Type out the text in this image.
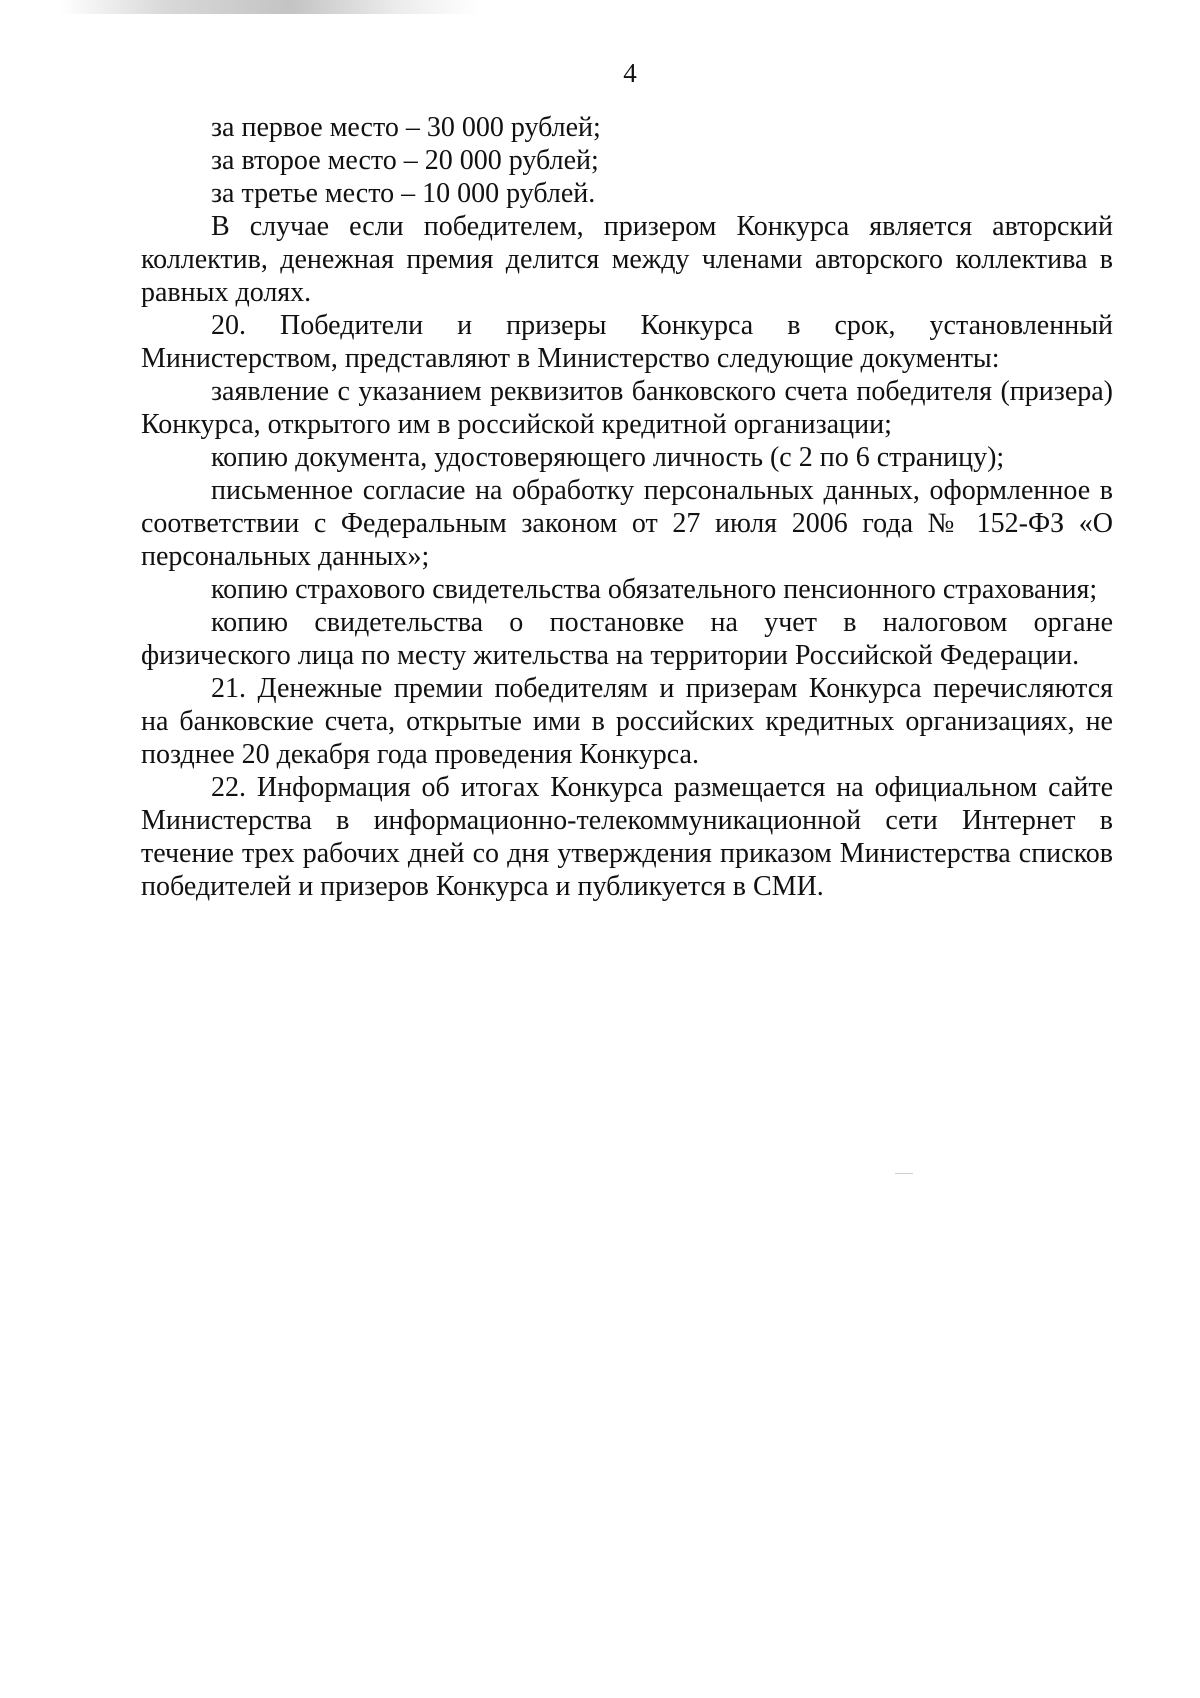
4

за первое место – 30 000 рублей;

за второе место – 20 000 рублей;

за третье место – 10 000 рублей.

В случае если победителем, призером Конкурса является авторский коллектив, денежная премия делится между членами авторского коллектива в равных долях.

20. Победители и призеры Конкурса в срок, установленный Министерством, представляют в Министерство следующие документы:

заявление с указанием реквизитов банковского счета победителя (призера) Конкурса, открытого им в российской кредитной организации;

копию документа, удостоверяющего личность (с 2 по 6 страницу);

письменное согласие на обработку персональных данных, оформленное в соответствии с Федеральным законом от 27 июля 2006 года № 152-ФЗ «О персональных данных»;

копию страхового свидетельства обязательного пенсионного страхования;

копию свидетельства о постановке на учет в налоговом органе физического лица по месту жительства на территории Российской Федерации.

21. Денежные премии победителям и призерам Конкурса перечисляются на банковские счета, открытые ими в российских кредитных организациях, не позднее 20 декабря года проведения Конкурса.

22. Информация об итогах Конкурса размещается на официальном сайте Министерства в информационно-телекоммуникационной сети Интернет в течение трех рабочих дней со дня утверждения приказом Министерства списков победителей и призеров Конкурса и публикуется в СМИ.
